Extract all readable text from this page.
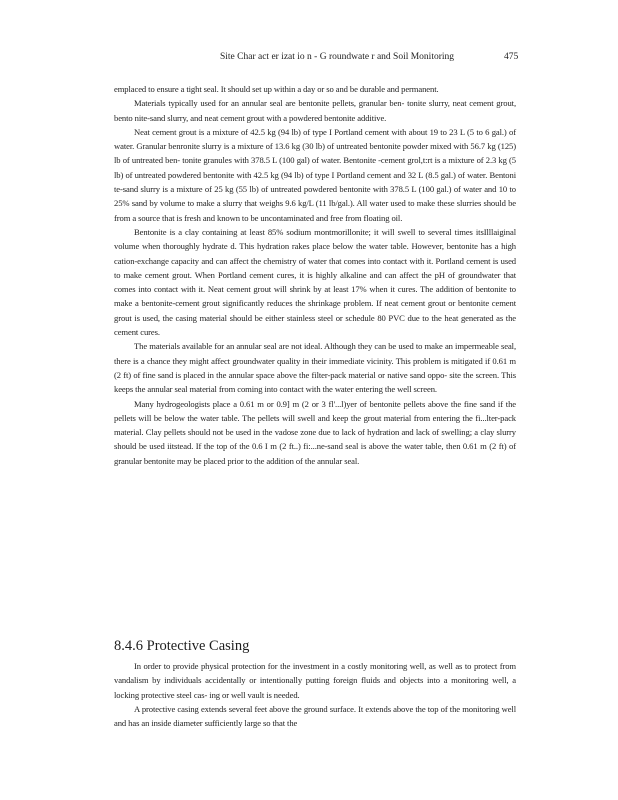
Site Char act er izat io n - G roundwate r and Soil Monitoring	475

emplaced to ensure a tight seal. It should set up within a day or so and be durable and permanent.

Materials typically used for an annular seal are bentonite pellets, granular ben- tonite slurry, neat cement grout, bento nite-sand slurry, and neat cement grout with a powdered bentonite additive.

Neat cement grout is a mixture of 42.5 kg (94 lb) of type I Portland cement with about 19 to 23 L (5 to 6 gal.) of water. Granular benronite slurry is a mixture of 13.6 kg (30 lb) of untreated bentonite powder mixed with 56.7 kg (125) lb of untreated ben- tonite granules with 378.5 L (100 gal) of water. Bentonite -cement grol,t:rt is a mixture of 2.3 kg (5 lb) of untreated powdered bentonite with 42.5 kg (94 lb) of type I Portland cement and 32 L (8.5 gal.) of water. Bentoni te-sand slurry is a mixture of 25 kg (55 lb) of untreated powdered bentonite with 378.5 L (100 gal.) of water and 10 to 25% sand by volume to make a slurry that weighs 9.6 kg/L (11 lb/gal.). All water used to make these slurries should be from a source that is fresh and known to be uncontaminated and free from floating oil.

Bentonite is a clay containing at least 85% sodium montmorillonite; it will swell to several times itsIlllaiginal volume when thoroughly hydrate d. This hydration rakes place below the water table. However, bentonite has a high cation-exchange capacity and can affect the chemistry of water that comes into contact with it. Portland cement is used to make cement grout. When Portland cement cures, it is highly alkaline and can affect the pH of groundwater that comes into contact with it. Neat cement grout will shrink by at least 17% when it cures. The addition of bentonite to make a bentonite-cement grout significantly reduces the shrinkage problem. If neat cement grout or bentonite cement grout is used, the casing material should be either stainless steel or schedule 80 PVC due to the heat generated as the cement cures.

The materials available for an annular seal are not ideal. Although they can be used to make an impermeable seal, there is a chance they might affect groundwater quality in their immediate vicinity. This problem is mitigated if 0.61 m (2 ft) of fine sand is placed in the annular space above the filter-pack material or native sand oppo- site the screen. This keeps the annular seal material from coming into contact with the water entering the well screen.

Many hydrogeologists place a 0.61 m or 0.9] m (2 or 3 fl'...l)yer of bentonite pellets above the fine sand if the pellets will be below the water table. The pellets will swell and keep the grout material from entering the fi...lter-pack material. Clay pellets should not be used in the vadose zone due to lack of hydration and lack of swelling; a clay slurry should be used iitstead. If the top of the 0.6 I m (2 ft..) fi:...ne-sand seal is above the water table, then 0.61 m (2 ft) of granular bentonite may be placed prior to the addition of the annular seal.

8.4.6 Protective Casing

In order to provide physical protection for the investment in a costly monitoring well, as well as to protect from vandalism by individuals accidentally or intentionally putting foreign fluids and objects into a monitoring well, a locking protective steel cas- ing or well vault is needed.

A protective casing extends several feet above the ground surface. It extends above the top of the monitoring well and has an inside diameter sufficiently large so that the
